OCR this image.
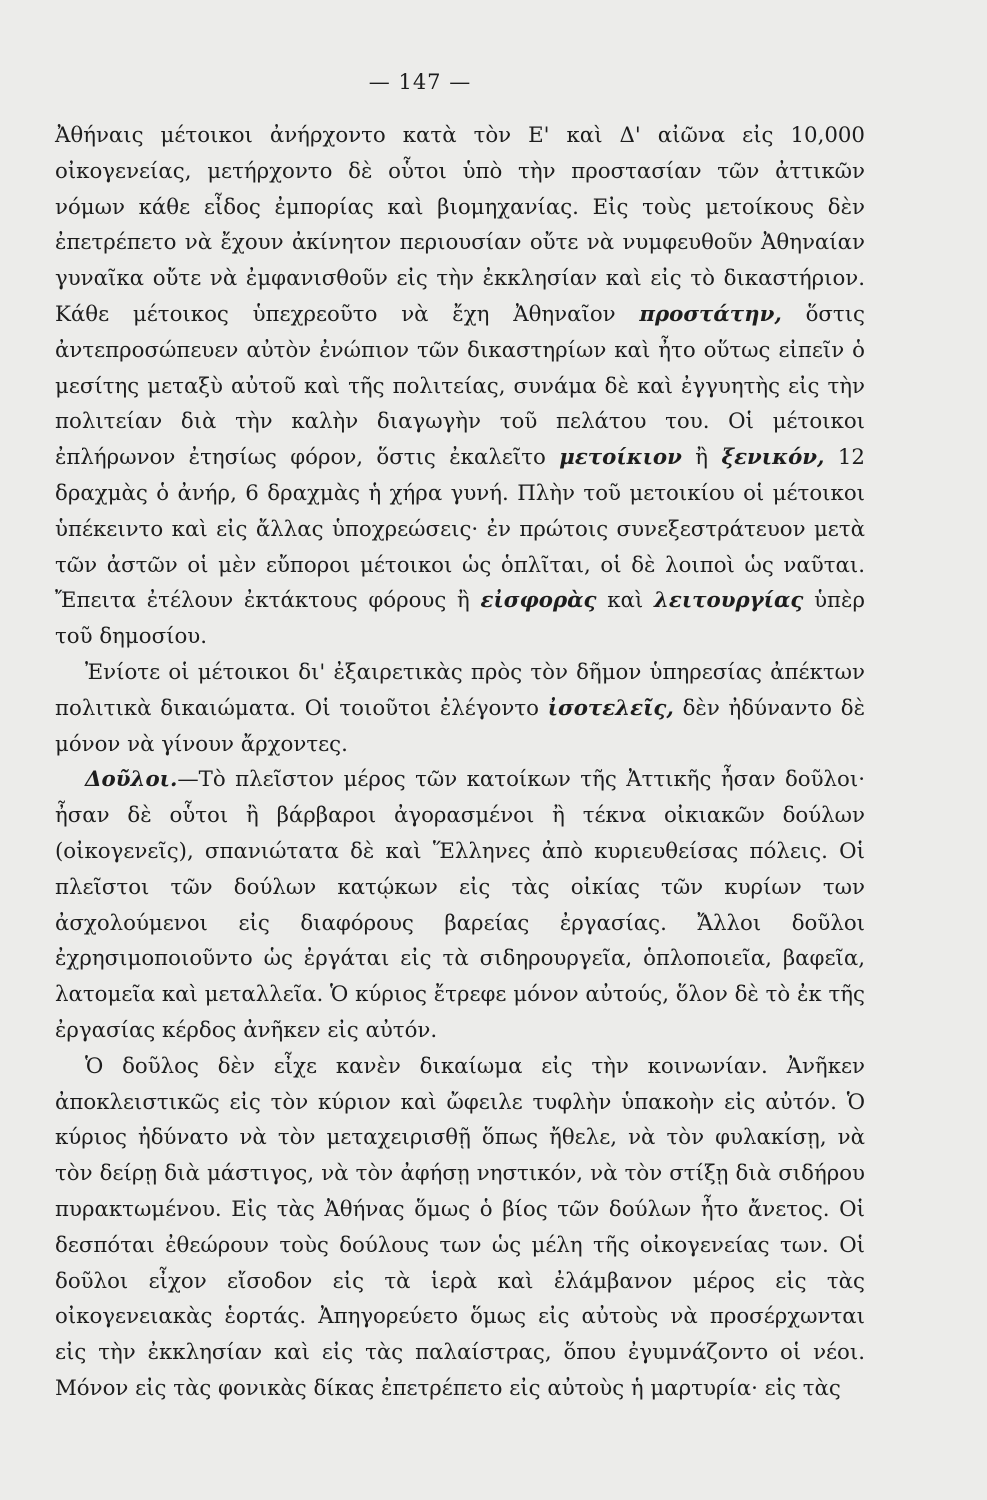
— 147 —

Ἀθήναις μέτοικοι ἀνήρχοντο κατὰ τὸν Ε' καὶ Δ' αἰῶνα εἰς 10,000 οἰκογενείας, μετήρχοντο δὲ οὗτοι ὑπὸ τὴν προστασίαν τῶν ἀττικῶν νόμων κάθε εἶδος ἐμπορίας καὶ βιομηχανίας. Εἰς τοὺς μετοίκους δὲν ἐπετρέπετο νὰ ἔχουν ἀκίνητον περιουσίαν οὔτε νὰ νυμφευθοῦν Ἀθηναίαν γυναῖκα οὔτε νὰ ἐμφανισθοῦν εἰς τὴν ἐκκλησίαν καὶ εἰς τὸ δικαστήριον. Κάθε μέτοικος ὑπεχρεοῦτο νὰ ἔχη Ἀθηναῖον προστάτην, ὅστις ἀντεπροσώπευεν αὐτὸν ἐνώπιον τῶν δικαστηρίων καὶ ἦτο οὕτως εἰπεῖν ὁ μεσίτης μεταξὺ αὐτοῦ καὶ τῆς πολιτείας, συνάμα δὲ καὶ ἐγγυητὴς εἰς τὴν πολιτείαν διὰ τὴν καλὴν διαγωγὴν τοῦ πελάτου του. Οἱ μέτοικοι ἐπλήρωνον ἐτησίως φόρον, ὅστις ἐκαλεῖτο μετοίκιον ἢ ξενικόν, 12 δραχμὰς ὁ ἀνήρ, 6 δραχμὰς ἡ χήρα γυνή. Πλὴν τοῦ μετοικίου οἱ μέτοικοι ὑπέκειντο καὶ εἰς ἄλλας ὑποχρεώσεις· ἐν πρώτοις συνεξεστράτευον μετὰ τῶν ἀστῶν οἱ μὲν εὔποροι μέτοικοι ὡς ὁπλῖται, οἱ δὲ λοιποὶ ὡς ναῦται. Ἔπειτα ἐτέλουν ἐκτάκτους φόρους ἢ εἰσφορὰς καὶ λειτουργίας ὑπὲρ τοῦ δημοσίου.

Ἐνίοτε οἱ μέτοικοι δι' ἐξαιρετικὰς πρὸς τὸν δῆμον ὑπηρεσίας ἀπέκτων πολιτικὰ δικαιώματα. Οἱ τοιοῦτοι ἐλέγοντο ἰσοτελεῖς, δὲν ἠδύναντο δὲ μόνον νὰ γίνουν ἄρχοντες.

Δοῦλοι.—Τὸ πλεῖστον μέρος τῶν κατοίκων τῆς Ἀττικῆς ἦσαν δοῦλοι· ἦσαν δὲ οὗτοι ἢ βάρβαροι ἀγορασμένοι ἢ τέκνα οἰκιακῶν δούλων (οἰκογενεῖς), σπανιώτατα δὲ καὶ Ἕλληνες ἀπὸ κυριευθείσας πόλεις. Οἱ πλεῖστοι τῶν δούλων κατῴκων εἰς τὰς οἰκίας τῶν κυρίων των ἀσχολούμενοι εἰς διαφόρους βαρείας ἐργασίας. Ἄλλοι δοῦλοι ἐχρησιμοποιοῦντο ὡς ἐργάται εἰς τὰ σιδηρουργεῖα, ὁπλοποιεῖα, βαφεῖα, λατομεῖα καὶ μεταλλεῖα. Ὁ κύριος ἔτρεφε μόνον αὐτούς, ὅλον δὲ τὸ ἐκ τῆς ἐργασίας κέρδος ἀνῆκεν εἰς αὐτόν.

Ὁ δοῦλος δὲν εἶχε κανὲν δικαίωμα εἰς τὴν κοινωνίαν. Ἀνῆκεν ἀποκλειστικῶς εἰς τὸν κύριον καὶ ὤφειλε τυφλὴν ὑπακοὴν εἰς αὐτόν. Ὁ κύριος ἠδύνατο νὰ τὸν μεταχειρισθῇ ὅπως ἤθελε, νὰ τὸν φυλακίσῃ, νὰ τὸν δείρῃ διὰ μάστιγος, νὰ τὸν ἀφήσῃ νηστικόν, νὰ τὸν στίξῃ διὰ σιδήρου πυρακτωμένου. Εἰς τὰς Ἀθήνας ὅμως ὁ βίος τῶν δούλων ἦτο ἄνετος. Οἱ δεσπόται ἐθεώρουν τοὺς δούλους των ὡς μέλη τῆς οἰκογενείας των. Οἱ δοῦλοι εἶχον εἴσοδον εἰς τὰ ἱερὰ καὶ ἐλάμβανον μέρος εἰς τὰς οἰκογενειακὰς ἑορτάς. Ἀπηγορεύετο ὅμως εἰς αὐτοὺς νὰ προσέρχωνται εἰς τὴν ἐκκλησίαν καὶ εἰς τὰς παλαίστρας, ὅπου ἐγυμνάζοντο οἱ νέοι. Μόνον εἰς τὰς φονικὰς δίκας ἐπετρέπετο εἰς αὐτοὺς ἡ μαρτυρία· εἰς τὰς
